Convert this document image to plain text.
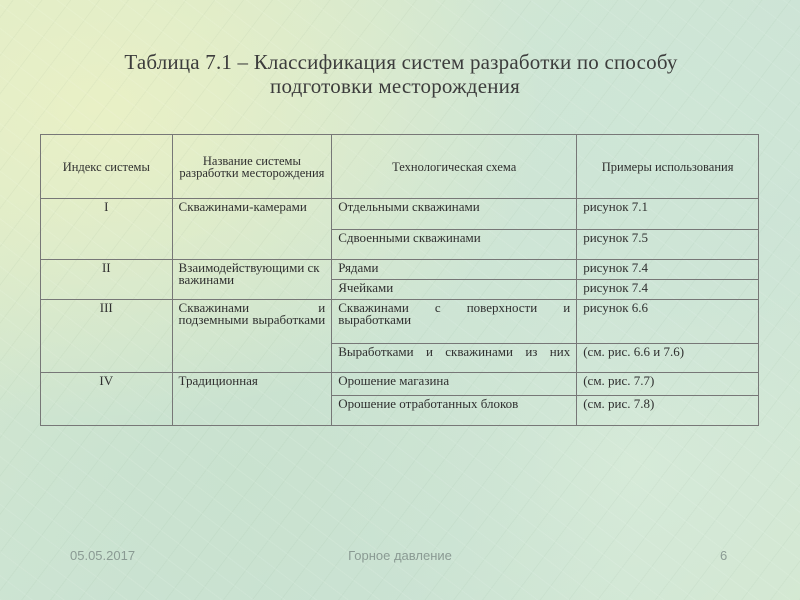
Таблица 7.1 – Классификация систем разработки по способу
подготовки месторождения
Индекс системы	Название системы разработки месторождения	Технологическая схема	Примеры использования
I	Скважинами-камерами	Отдельными скважинами	рисунок 7.1
		Сдвоенными скважинами	рисунок 7.5
II	Взаимодействующими скважинами	Рядами	рисунок 7.4
		Ячейками	рисунок 7.4
III	Скважинами и подземными выработками	Скважинами с поверхности и выработками	рисунок 6.6
		Выработками и скважинами из них	(см. рис. 6.6 и 7.6)
IV	Традиционная	Орошение магазина	(см. рис. 7.7)
		Орошение отработанных блоков	(см. рис. 7.8)
05.05.2017	Горное давление	6
